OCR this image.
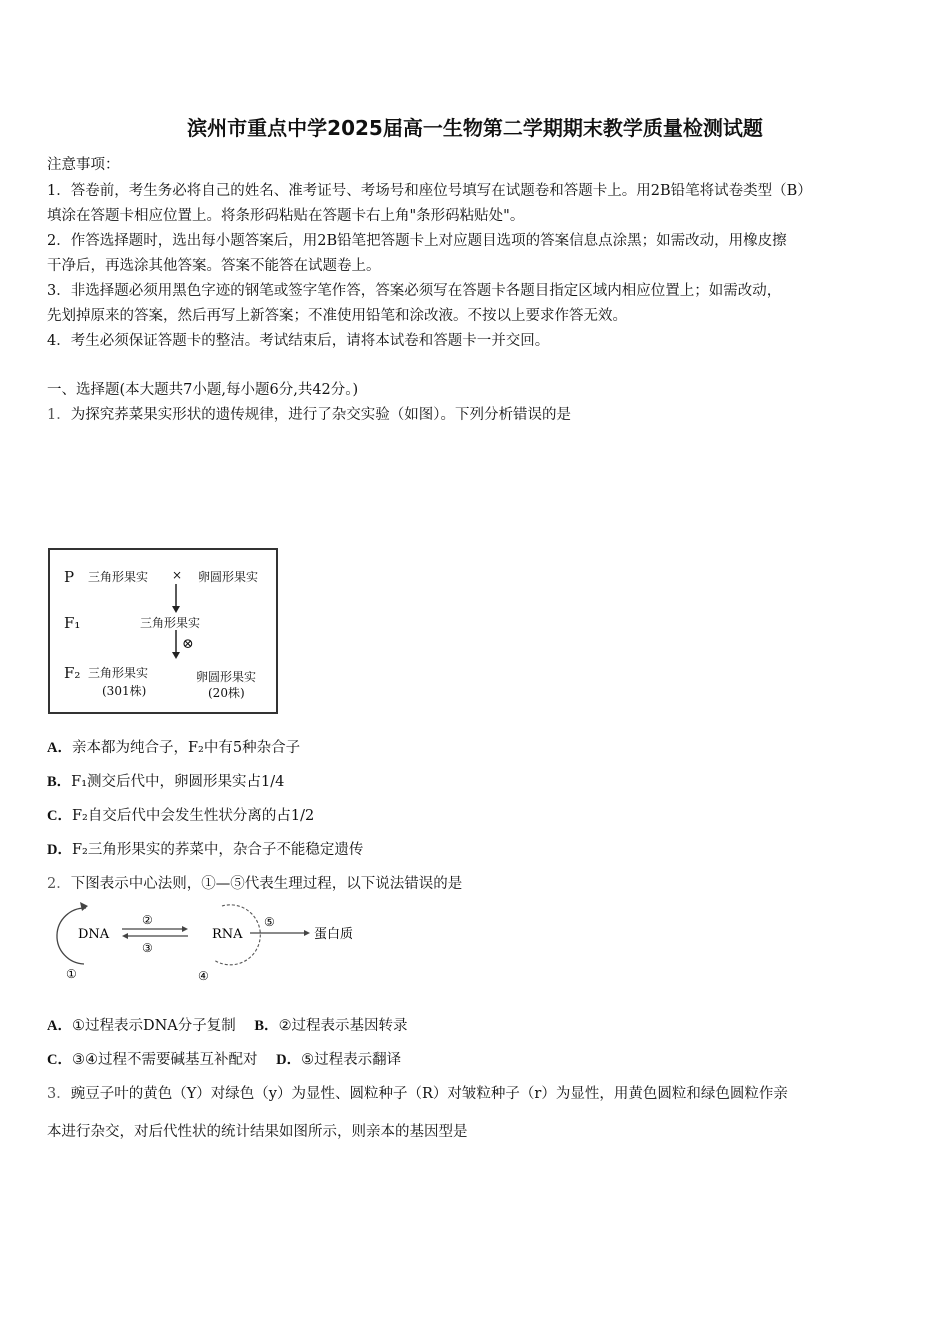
滨州市重点中学2025届高一生物第二学期期末教学质量检测试题
注意事项：
1．答卷前，考生务必将自己的姓名、准考证号、考场号和座位号填写在试题卷和答题卡上。用2B铅笔将试卷类型（B）
填涂在答题卡相应位置上。将条形码粘贴在答题卡右上角"条形码粘贴处"。
2．作答选择题时，选出每小题答案后，用2B铅笔把答题卡上对应题目选项的答案信息点涂黑；如需改动，用橡皮擦
干净后，再选涂其他答案。答案不能答在试题卷上。
3．非选择题必须用黑色字迹的钢笔或签字笔作答，答案必须写在答题卡各题目指定区域内相应位置上；如需改动，
先划掉原来的答案，然后再写上新答案；不准使用铅笔和涂改液。不按以上要求作答无效。
4．考生必须保证答题卡的整洁。考试结束后，请将本试卷和答题卡一并交回。
一、选择题(本大题共7小题,每小题6分,共42分。)
1．为探究荞菜果实形状的遗传规律，进行了杂交实验（如图）。下列分析错误的是
P 三角形果实 × 卵圆形果实
F₁	三角形果实
⊗
F₂ 三角形果实
(301株)
卵圆形果实
(20株)
A．亲本都为纯合子，F₂中有5种杂合子
B．F₁测交后代中，卵圆形果实占1/4
C．F₂自交后代中会发生性状分离的占1/2
D．F₂三角形果实的荞菜中，杂合子不能稳定遗传
2．下图表示中心法则，①—⑤代表生理过程，以下说法错误的是
DNA
①
②
③
RNA
④
⑤
蛋白质
A．①过程表示DNA分子复制 B．②过程表示基因转录
C．③④过程不需要碱基互补配对 D．⑤过程表示翻译
3．豌豆子叶的黄色（Y）对绿色（y）为显性、圆粒种子（R）对皱粒种子（r）为显性，用黄色圆粒和绿色圆粒作亲
本进行杂交，对后代性状的统计结果如图所示，则亲本的基因型是
